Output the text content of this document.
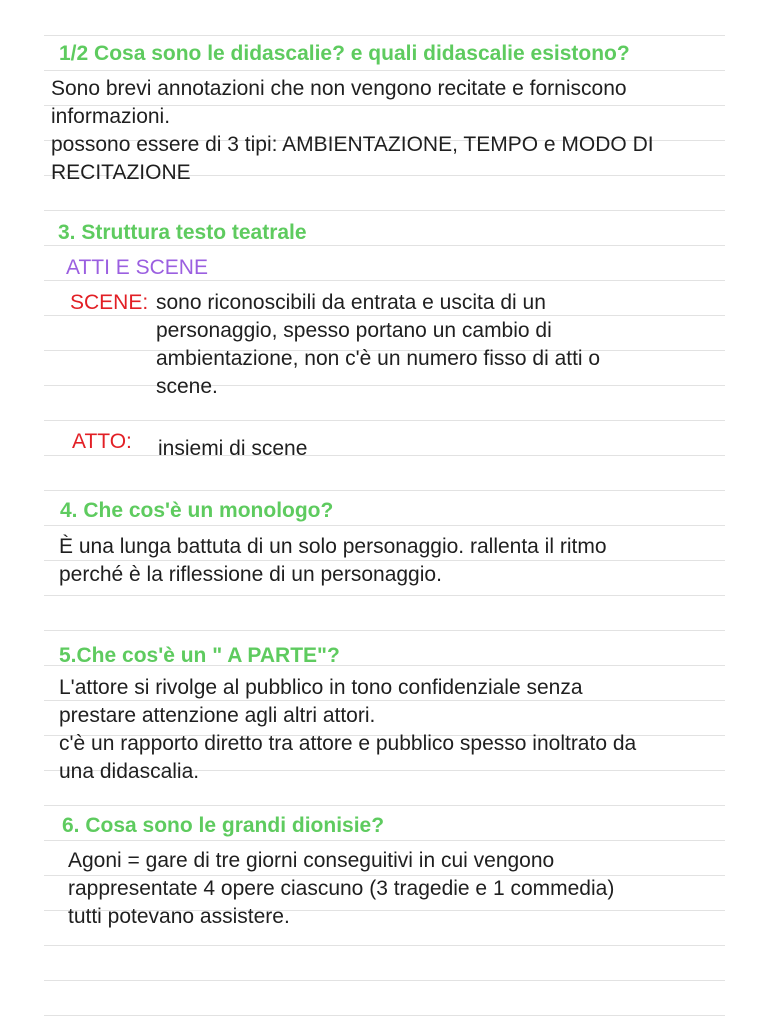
1/2 Cosa sono le didascalie? e quali didascalie esistono?
Sono brevi annotazioni che non vengono recitate e forniscono
informazioni.
possono essere di 3 tipi: AMBIENTAZIONE, TEMPO e MODO DI
RECITAZIONE
3. Struttura testo teatrale
ATTI E SCENE
SCENE: sono riconoscibili da entrata e uscita di un
personaggio, spesso portano un cambio di
ambientazione, non c'è un numero fisso di atti o
scene.
ATTO: insiemi di scene
4. Che cos'è un monologo?
È una lunga battuta di un solo personaggio. rallenta il ritmo
perché è la riflessione di un personaggio.
5.Che cos'è un " A PARTE"?
L'attore si rivolge al pubblico in tono confidenziale senza
prestare attenzione agli altri attori.
c'è un rapporto diretto tra attore e pubblico spesso inoltrato da
una didascalia.
6. Cosa sono le grandi dionisie?
Agoni = gare di tre giorni conseguitivi in cui vengono
rappresentate 4 opere ciascuno (3 tragedie e 1 commedia)
tutti potevano assistere.
